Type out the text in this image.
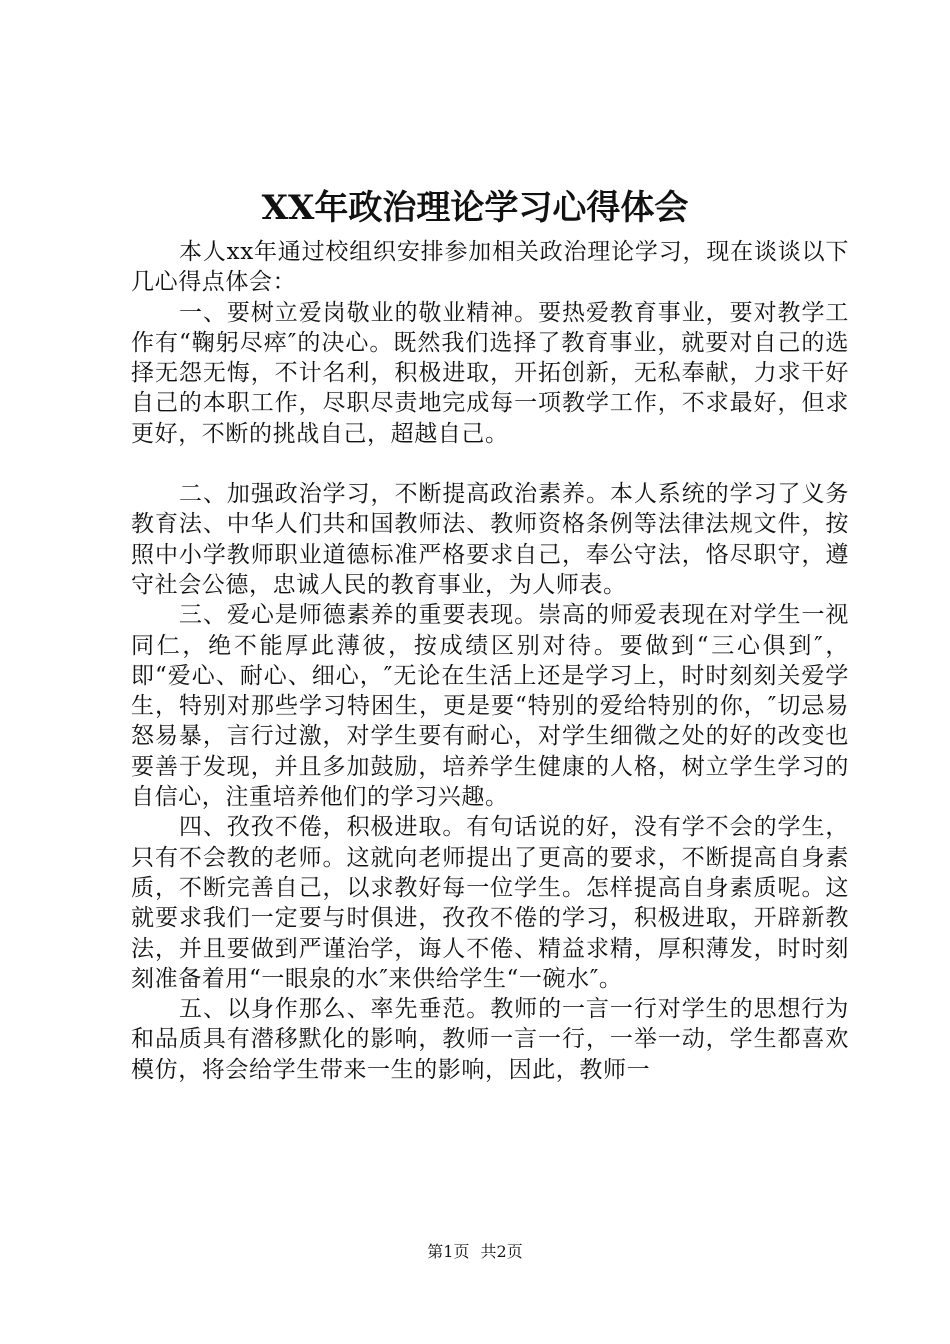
XX年政治理论学习心得体会

本人xx年通过校组织安排参加相关政治理论学习，现在谈谈以下几心得点体会：

一、要树立爱岗敬业的敬业精神。要热爱教育事业，要对教学工作有“鞠躬尽瘁″的决心。既然我们选择了教育事业，就要对自己的选择无怨无悔，不计名利，积极进取，开拓创新，无私奉献，力求干好自己的本职工作，尽职尽责地完成每一项教学工作，不求最好，但求更好，不断的挑战自己，超越自己。

二、加强政治学习，不断提高政治素养。本人系统的学习了义务教育法、中华人们共和国教师法、教师资格条例等法律法规文件，按照中小学教师职业道德标准严格要求自己，奉公守法，恪尽职守，遵守社会公德，忠诚人民的教育事业，为人师表。

三、爱心是师德素养的重要表现。崇高的师爱表现在对学生一视同仁，绝不能厚此薄彼，按成绩区别对待。要做到“三心俱到″，即“爱心、耐心、细心，″无论在生活上还是学习上，时时刻刻关爱学生，特别对那些学习特困生，更是要“特别的爱给特别的你，″切忌易怒易暴，言行过激，对学生要有耐心，对学生细微之处的好的改变也要善于发现，并且多加鼓励，培养学生健康的人格，树立学生学习的自信心，注重培养他们的学习兴趣。

四、孜孜不倦，积极进取。有句话说的好，没有学不会的学生，只有不会教的老师。这就向老师提出了更高的要求，不断提高自身素质，不断完善自己，以求教好每一位学生。怎样提高自身素质呢。这就要求我们一定要与时俱进，孜孜不倦的学习，积极进取，开辟新教法，并且要做到严谨治学，诲人不倦、精益求精，厚积薄发，时时刻刻准备着用“一眼泉的水″来供给学生“一碗水″。

五、以身作那么、率先垂范。教师的一言一行对学生的思想行为和品质具有潜移默化的影响，教师一言一行，一举一动，学生都喜欢模仿，将会给学生带来一生的影响，因此，教师一

第1页 共2页
